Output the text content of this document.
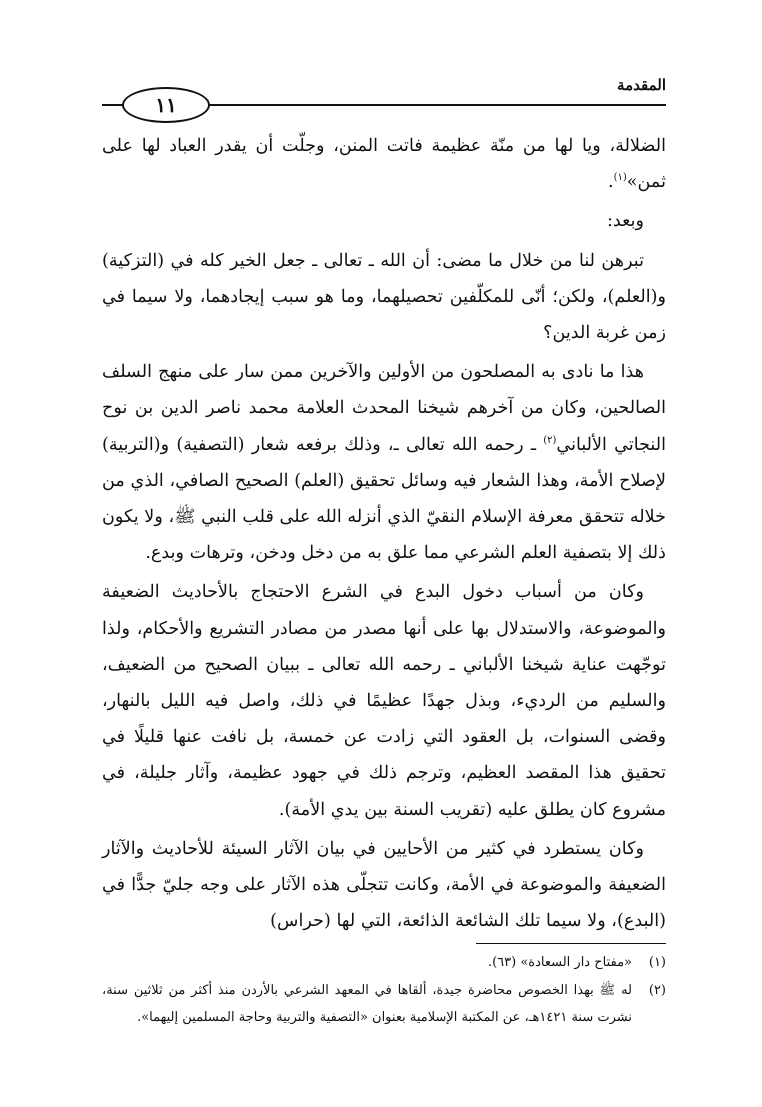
المقدمة
١١

الضلالة، ويا لها من منّة عظيمة فاتت المنن، وجلّت أن يقدر العباد لها على ثمن»$^{(١)}$.

وبعد:

تبرهن لنا من خلال ما مضى: أن الله ـ تعالى ـ جعل الخير كله في (التزكية) و(العلم)، ولكن؛ أنّى للمكلّفين تحصيلهما، وما هو سبب إيجادهما، ولا سيما في زمن غربة الدين؟

هذا ما نادى به المصلحون من الأولين والآخرين ممن سار على منهج السلف الصالحين، وكان من آخرهم شيخنا المحدث العلامة محمد ناصر الدين بن نوح النجاتي الألباني$^{(٢)}$ ـ رحمه الله تعالى ـ، وذلك برفعه شعار (التصفية) و(التربية) لإصلاح الأمة، وهذا الشعار فيه وسائل تحقيق (العلم) الصحيح الصافي، الذي من خلاله تتحقق معرفة الإسلام النقيّ الذي أنزله الله على قلب النبي ﷺ، ولا يكون ذلك إلا بتصفية العلم الشرعي مما علق به من دخل ودخن، وترهات وبدع.

وكان من أسباب دخول البدع في الشرع الاحتجاج بالأحاديث الضعيفة والموضوعة، والاستدلال بها على أنها مصدر من مصادر التشريع والأحكام، ولذا توجّهت عناية شيخنا الألباني ـ رحمه الله تعالى ـ ببيان الصحيح من الضعيف، والسليم من الرديء، وبذل جهدًا عظيمًا في ذلك، واصل فيه الليل بالنهار، وقضى السنوات، بل العقود التي زادت عن خمسة، بل نافت عنها قليلًا في تحقيق هذا المقصد العظيم، وترجم ذلك في جهود عظيمة، وآثار جليلة، في مشروع كان يطلق عليه (تقريب السنة بين يدي الأمة).

وكان يستطرد في كثير من الأحايين في بيان الآثار السيئة للأحاديث والآثار الضعيفة والموضوعة في الأمة، وكانت تتجلّى هذه الآثار على وجه جليّ جدًّا في (البدع)، ولا سيما تلك الشائعة الذائعة، التي لها (حراس)

(١)
«مفتاح دار السعادة» (٦٣).
(٢)
له ﷺ بهذا الخصوص محاضرة جيدة، ألقاها في المعهد الشرعي بالأردن منذ أكثر من ثلاثين سنة، نشرت سنة ١٤٢١هـ، عن المكتبة الإسلامية بعنوان «التصفية والتربية وحاجة المسلمين إليهما».
